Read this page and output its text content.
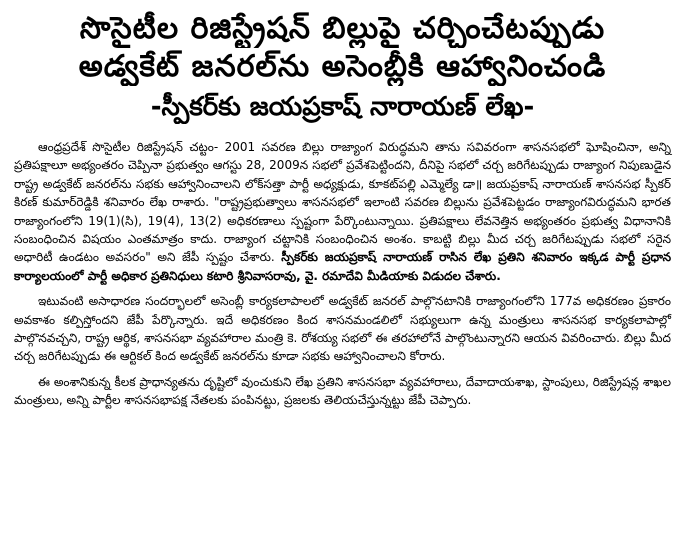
సొసైటీల రిజిస్ట్రేషన్ బిల్లుపై చర్చించేటప్పుడు
అడ్వకేట్ జనరల్‌ను అసెంబ్లీకి ఆహ్వానించండి
-స్పీకర్‌కు జయప్రకాష్ నారాయణ్ లేఖ-

ఆంధ్రప్రదేశ్ సొసైటీల రిజిస్ట్రేషన్ చట్టం- 2001 సవరణ బిల్లు రాజ్యాంగ విరుద్ధమని తాను సవివరంగా శాసనసభలో ఘోషించినా, అన్ని ప్రతిపక్షాలూ అభ్యంతరం చెప్పినా ప్రభుత్వం ఆగస్టు 28, 2009న సభలో ప్రవేశపెట్టిందని, దీనిపై సభలో చర్చ జరిగేటప్పుడు రాజ్యాంగ నిపుణుడైన రాష్ట్ర అడ్వకేట్ జనరల్‌ను సభకు ఆహ్వానించాలని లోక్‌సత్తా పార్టీ అధ్యక్షుడు, కూకట్‌పల్లి ఎమ్మెల్యే డా॥ జయప్రకాష్ నారాయణ్ శాసనసభ స్పీకర్ కిరణ్ కుమార్‌రెడ్డికి శనివారం లేఖ రాశారు. "రాష్ట్రప్రభుత్వాలు శాసనసభలో ఇలాంటి సవరణ బిల్లును ప్రవేశపెట్టడం రాజ్యాంగవిరుద్ధమని భారత రాజ్యాంగంలోని 19(1)(సి), 19(4), 13(2) అధికరణాలు స్పష్టంగా పేర్కొంటున్నాయి. ప్రతిపక్షాలు లేవనెత్తిన అభ్యంతరం ప్రభుత్వ విధానానికి సంబంధించిన విషయం ఎంతమాత్రం కాదు. రాజ్యాంగ చట్టానికి సంబంధించిన అంశం. కాబట్టి బిల్లు మీద చర్చ జరిగేటప్పుడు సభలో సరైన అధారిటీ ఉండటం అవసరం" అని జేపీ స్పష్టం చేశారు. స్పీకర్‌కు జయప్రకాష్ నారాయణ్ రాసిన లేఖ ప్రతిని శనివారం ఇక్కడ పార్టీ ప్రధాన కార్యాలయంలో పార్టీ అధికార ప్రతినిధులు కటారి శ్రీనివాసరావు, వై. రమాదేవి మీడియాకు విడుదల చేశారు.

ఇటువంటి అసాధారణ సందర్భాలలో అసెంబ్లీ కార్యకలాపాలలో అడ్వకేట్ జనరల్ పాల్గొనటానికి రాజ్యాంగంలోని 177వ అధికరణం ప్రకారం అవకాశం కల్పిస్తోందని జేపీ పేర్కొన్నారు. ఇదే అధికరణం కింద శాసనమండలిలో సభ్యులుగా ఉన్న మంత్రులు శాసనసభ కార్యకలాపాల్లో పాల్గొనవచ్చని, రాష్ట్ర ఆర్థిక, శాసనసభా వ్యవహారాల మంత్రి కె. రోశయ్య సభలో ఈ తరహాలోనే పాల్గొంటున్నారని ఆయన వివరించారు. బిల్లు మీద చర్చ జరిగేటప్పుడు ఈ ఆర్టికల్ కింద అడ్వకేట్ జనరల్‌ను కూడా సభకు ఆహ్వానించాలని కోరారు.

ఈ అంశానికున్న కీలక ప్రాధాన్యతను దృష్టిలో వుంచుకుని లేఖ ప్రతిని శాసనసభా వ్యవహారాలు, దేవాదాయశాఖ, స్టాంపులు, రిజిస్ట్రేషన్ల శాఖల మంత్రులు, అన్ని పార్టీల శాసనసభాపక్ష నేతలకు పంపినట్టు, ప్రజలకు తెలియచేస్తున్నట్టు జేపీ చెప్పారు.
